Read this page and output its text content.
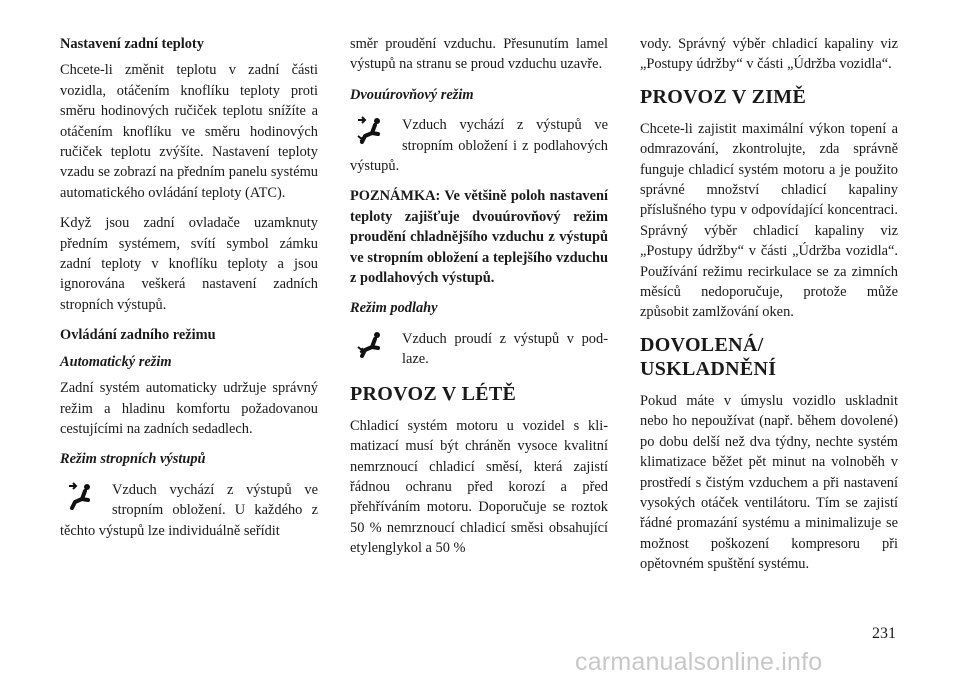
Nastavení zadní teploty

Chcete-li změnit teplotu v zadní části vozidla, otáčením knoflíku teploty proti směru hodinových ručiček teplotu snížíte a otáčením knoflíku ve směru hodinových ručiček teplotu zvýšíte. Nastavení teploty vzadu se zobrazí na předním panelu systému automatického ovládání teploty (ATC).

Když jsou zadní ovladače uzamknuty předním systémem, svítí symbol zámku zadní teploty v knoflíku teploty a jsou ignorována veškerá nastavení zadních stropních výstupů.

Ovládání zadního režimu

Automatický režim

Zadní systém automaticky udržuje správný režim a hladinu komfortu požadovanou cestujícími na zadních sedadlech.

Režim stropních výstupů

Vzduch vychází z výstupů ve stropním obložení. U každého z těchto výstupů lze individuálně seřídit

směr proudění vzduchu. Přesunutím lamel výstupů na stranu se proud vzduchu uzavře.

Dvouúrovňový režim

Vzduch vychází z výstupů ve stropním obložení i z podlahových výstupů.

POZNÁMKA: Ve většině poloh nastavení teploty zajišťuje dvouúrovňový režim proudění chladnějšího vzduchu z výstupů ve stropním obložení a teplejšího vzduchu z podlahových výstupů.

Režim podlahy

Vzduch proudí z výstupů v podlaze.
PROVOZ V LÉTĚ

Chladicí systém motoru u vozidel s klimatizací musí být chráněn vysoce kvalitní nemrznoucí chladicí směsí, která zajistí řádnou ochranu před korozí a před přehříváním motoru. Doporučuje se roztok 50 % nemrznoucí chladicí směsi obsahující etylenglykol a 50 %

vody. Správný výběr chladicí kapaliny viz „Postupy údržby“ v části „Údržba vozidla“.

PROVOZ V ZIMĚ

Chcete-li zajistit maximální výkon topení a odmrazování, zkontrolujte, zda správně funguje chladicí systém motoru a je použito správné množství chladicí kapaliny příslušného typu v odpovídající koncentraci. Správný výběr chladicí kapaliny viz „Postupy údržby“ v části „Údržba vozidla“. Používání režimu recirkulace se za zimních měsíců nedoporučuje, protože může způsobit zamlžování oken.

DOVOLENÁ/ USKLADNĚNÍ

Pokud máte v úmyslu vozidlo uskladnit nebo ho nepoužívat (např. během dovolené) po dobu delší než dva týdny, nechte systém klimatizace běžet pět minut na volnoběh v prostředí s čistým vzduchem a při nastavení vysokých otáček ventilátoru. Tím se zajistí řádné promazání systému a minimalizuje se možnost poškození kompresoru při opětovném spuštění systému.

231
carmanualsonline.info
